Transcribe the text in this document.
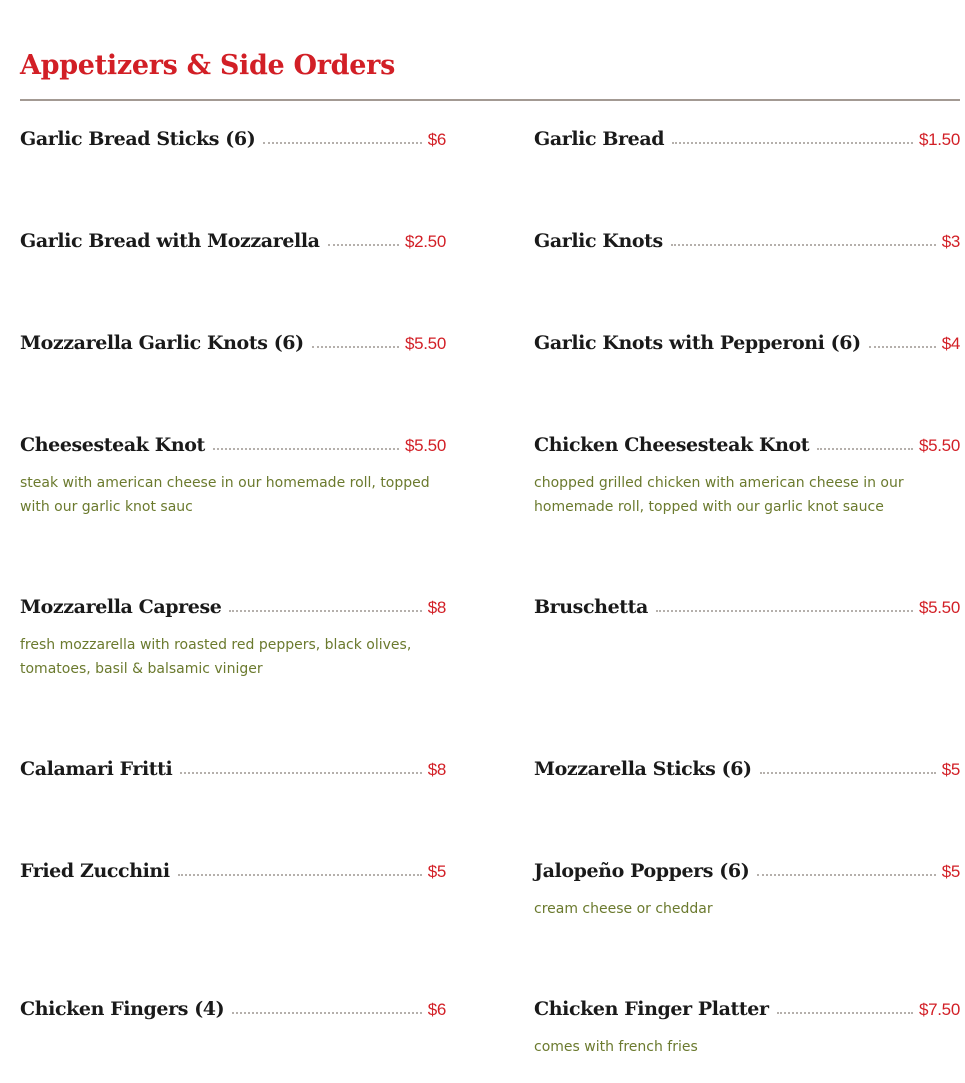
Appetizers & Side Orders
Garlic Bread Sticks (6)	$6	Garlic Bread	$1.50
Garlic Bread with Mozzarella	$2.50	Garlic Knots	$3
Mozzarella Garlic Knots (6)	$5.50	Garlic Knots with Pepperoni (6)	$4
Cheesesteak Knot	$5.50
steak with american cheese in our homemade roll, topped with our garlic knot sauc
Chicken Cheesesteak Knot	$5.50
chopped grilled chicken with american cheese in our homemade roll, topped with our garlic knot sauce
Mozzarella Caprese	$8
fresh mozzarella with roasted red peppers, black olives, tomatoes, basil & balsamic viniger
Bruschetta	$5.50
Calamari Fritti	$8	Mozzarella Sticks (6)	$5
Fried Zucchini	$5	Jalopeño Poppers (6)	$5
cream cheese or cheddar
Chicken Fingers (4)	$6	Chicken Finger Platter	$7.50
comes with french fries
